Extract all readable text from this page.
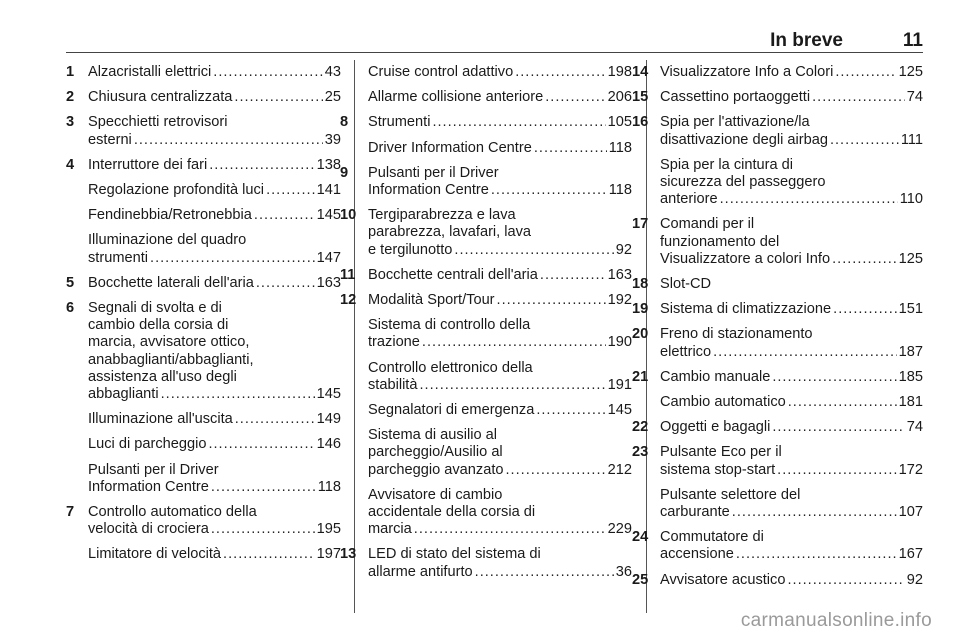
In breve	11
1 Alzacristalli elettrici .....	43
2 Chiusura centralizzata .....	25
3 Specchietti retrovisori
esterni .....	39
4 Interruttore dei fari .....	138
Regolazione profondità luci .....	141
Fendinebbia/Retronebbia .....	145
Illuminazione del quadro
strumenti .....	147
5 Bocchette laterali dell'aria .....	163
6 Segnali di svolta e di
cambio della corsia di
marcia, avvisatore ottico,
anabbaglianti/abbaglianti,
assistenza all'uso degli
abbaglianti .....	145
Illuminazione all'uscita .....	149
Luci di parcheggio .....	146
Pulsanti per il Driver
Information Centre .....	118
7 Controllo automatico della
velocità di crociera .....	195
Limitatore di velocità .....	197
Cruise control adattivo .....	198
Allarme collisione anteriore .....	206
8	Strumenti .....	105
Driver Information Centre .....	118
9	Pulsanti per il Driver
Information Centre .....	118
10 Tergiparabrezza e lava
parabrezza, lavafari, lava
e tergilunotto .....	92
11 Bocchette centrali dell'aria .....	163
12 Modalità Sport/Tour .....	192
Sistema di controllo della
trazione .....	190
Controllo elettronico della
stabilità .....	191
Segnalatori di emergenza .....	145
Sistema di ausilio al
parcheggio/Ausilio al
parcheggio avanzato .....	212
Avvisatore di cambio
accidentale della corsia di
marcia .....	229
13 LED di stato del sistema di
allarme antifurto .....	36
14 Visualizzatore Info a Colori .....	125
15 Cassettino portaoggetti .....	74
16 Spia per l'attivazione/la
disattivazione degli airbag .....	111
Spia per la cintura di
sicurezza del passeggero
anteriore .....	110
17 Comandi per il
funzionamento del
Visualizzatore a colori Info .....	125
18 Slot-CD
19 Sistema di climatizzazione .....	151
20 Freno di stazionamento
elettrico .....	187
21 Cambio manuale .....	185
Cambio automatico .....	181
22 Oggetti e bagagli .....	74
23 Pulsante Eco per il
sistema stop-start .....	172
Pulsante selettore del
carburante .....	107
24 Commutatore di
accensione .....	167
25 Avvisatore acustico .....	92
carmanualsonline.info
